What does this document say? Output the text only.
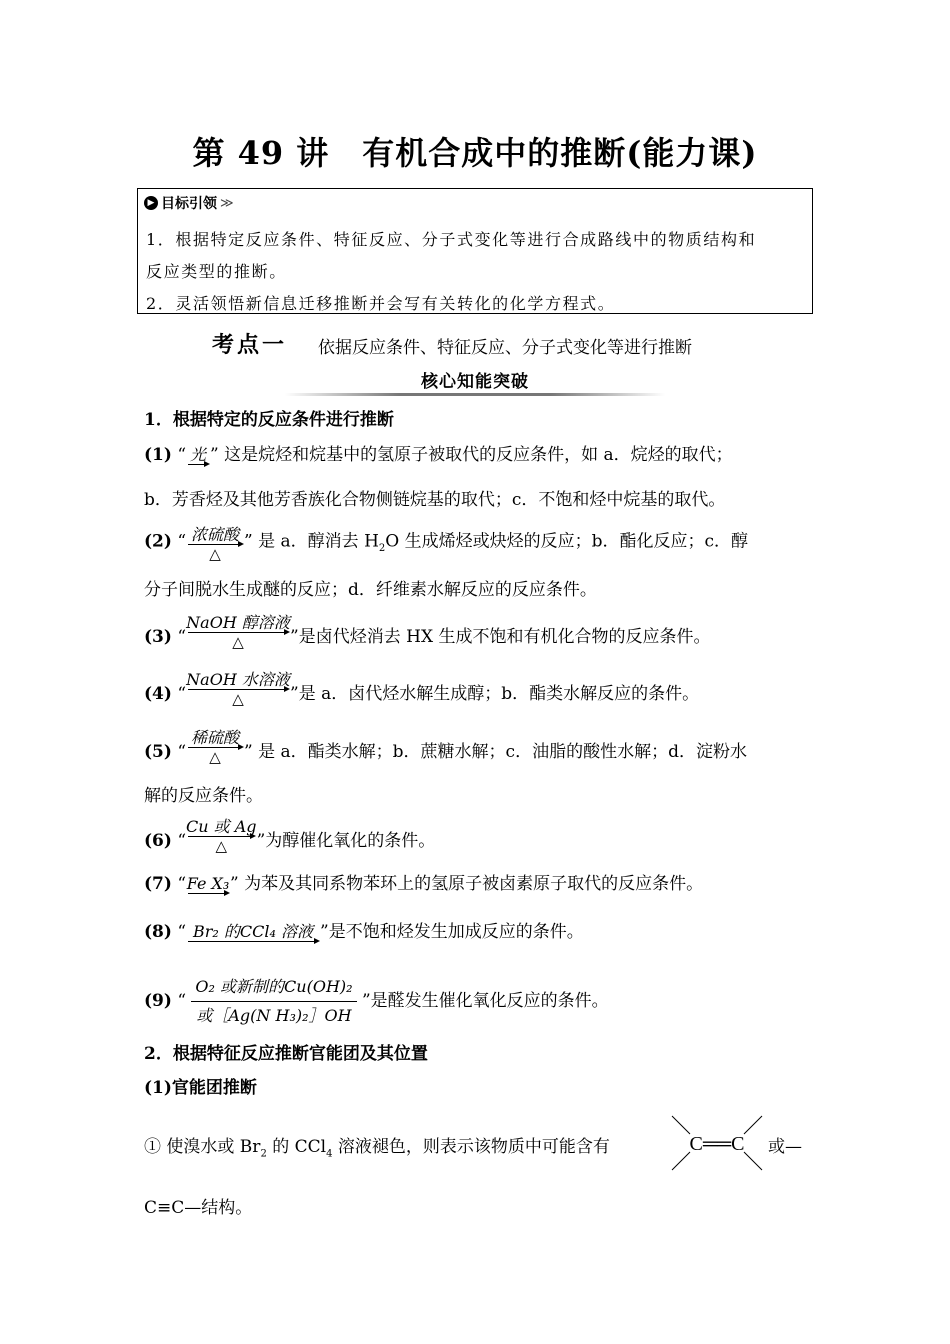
第 49 讲　有机合成中的推断(能力课)
▶ 目标引领 ≫
1．根据特定反应条件、特征反应、分子式变化等进行合成路线中的物质结构和
反应类型的推断。
2．灵活领悟新信息迁移推断并会写有关转化的化学方程式。
考点一 依据反应条件、特征反应、分子式变化等进行推断
核心知能突破
1．根据特定的反应条件进行推断
(1) “ 光 ” 这是烷烃和烷基中的氢原子被取代的反应条件，如 a．烷烃的取代；
b．芳香烃及其他芳香族化合物侧链烷基的取代；c．不饱和烃中烷基的取代。
(2) “ 浓硫酸
△
” 是 a．醇消去 $H_2O$ 生成烯烃或炔烃的反应；b．酯化反应；c．醇
分子间脱水生成醚的反应；d．纤维素水解反应的反应条件。
(3) “
NaOH 醇溶液
△	”是卤代烃消去 HX 生成不饱和有机化合物的反应条件。
(4) “
NaOH 水溶液
△	”是 a．卤代烃水解生成醇；b．酯类水解反应的条件。
(5) “
稀硫酸
△	” 是 a．酯类水解；b．蔗糖水解；c．油脂的酸性水解；d．淀粉水
解的反应条件。
(6) “
Cu 或 Ag
△	”为醇催化氧化的条件。
(7) “ Fe X₃ ” 为苯及其同系物苯环上的氢原子被卤素原子取代的反应条件。
(8) “ Br₂ 的CCl₄ 溶液 ”是不饱和烃发生加成反应的条件。
(9) “ $\frac{\text{O₂ 或新制的Cu(OH)₂}}{\text{或［Ag(N H₃)₂］OH}}$ ”是醛发生催化氧化反应的条件。
2．根据特征反应推断官能团及其位置
(1)官能团推断
① 使溴水或 $Br_2$ 的 CCl$_4$ 溶液褪色，则表示该物质中可能含有	C══C 或—
C≡C—结构。
